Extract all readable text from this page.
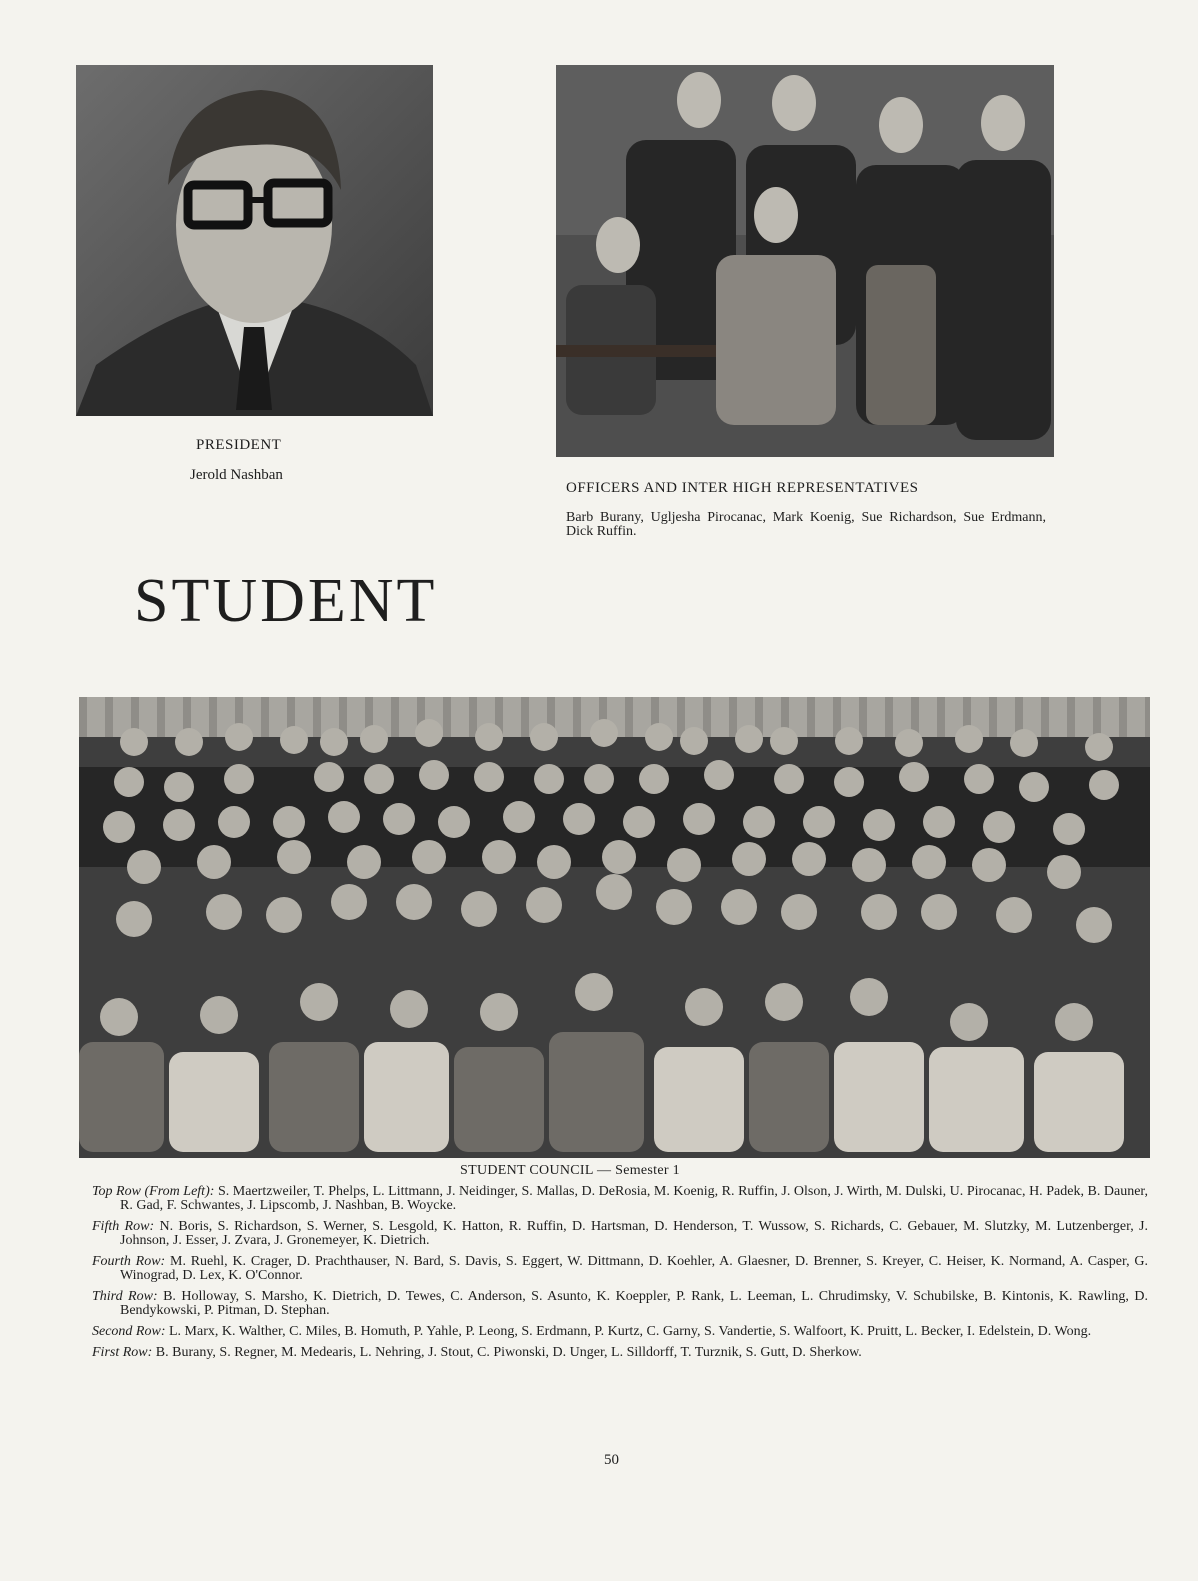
PRESIDENT

Jerold Nashban

OFFICERS AND INTER HIGH REPRESENTATIVES

Barb Burany, Ugljesha Pirocanac, Mark Koenig, Sue Richardson, Sue Erdmann, Dick Ruffin.

STUDENT

STUDENT COUNCIL — Semester 1

Top Row (From Left): S. Maertzweiler, T. Phelps, L. Littmann, J. Neidinger, S. Mallas, D. DeRosia, M. Koenig, R. Ruffin, J. Olson, J. Wirth, M. Dulski, U. Pirocanac, H. Padek, B. Dauner, R. Gad, F. Schwantes, J. Lipscomb, J. Nashban, B. Woycke.
Fifth Row: N. Boris, S. Richardson, S. Werner, S. Lesgold, K. Hatton, R. Ruffin, D. Hartsman, D. Henderson, T. Wussow, S. Richards, C. Gebauer, M. Slutzky, M. Lutzenberger, J. Johnson, J. Esser, J. Zvara, J. Gronemeyer, K. Dietrich.
Fourth Row: M. Ruehl, K. Crager, D. Prachthauser, N. Bard, S. Davis, S. Eggert, W. Dittmann, D. Koehler, A. Glaesner, D. Brenner, S. Kreyer, C. Heiser, K. Normand, A. Casper, G. Winograd, D. Lex, K. O'Connor.
Third Row: B. Holloway, S. Marsho, K. Dietrich, D. Tewes, C. Anderson, S. Asunto, K. Koeppler, P. Rank, L. Leeman, L. Chrudimsky, V. Schubilske, B. Kintonis, K. Rawling, D. Bendykowski, P. Pitman, D. Stephan.
Second Row: L. Marx, K. Walther, C. Miles, B. Homuth, P. Yahle, P. Leong, S. Erdmann, P. Kurtz, C. Garny, S. Vandertie, S. Walfoort, K. Pruitt, L. Becker, I. Edelstein, D. Wong.
First Row: B. Burany, S. Regner, M. Medearis, L. Nehring, J. Stout, C. Piwonski, D. Unger, L. Silldorff, T. Turznik, S. Gutt, D. Sherkow.

50
